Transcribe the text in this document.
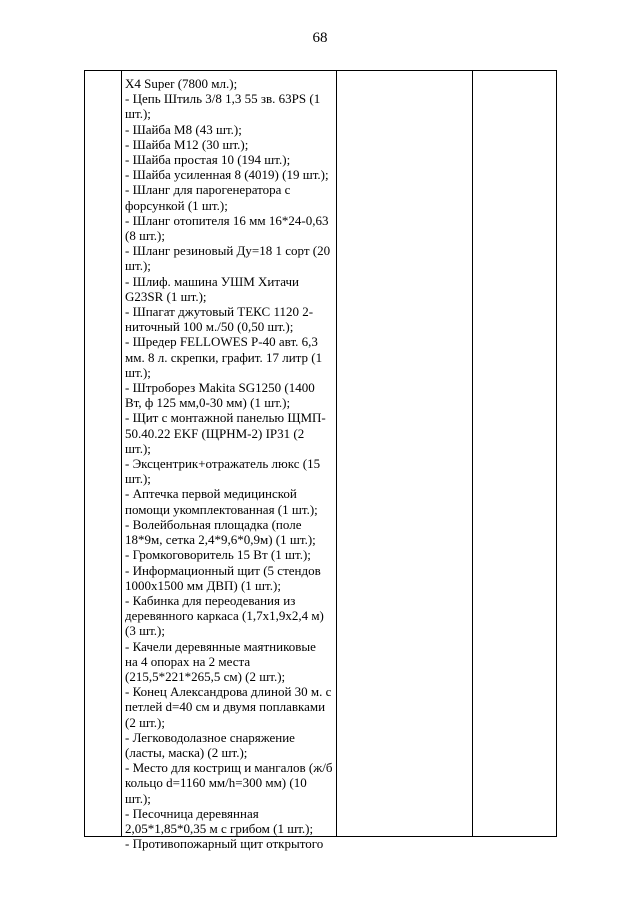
68
X4 Super (7800 мл.);
- Цепь Штиль 3/8 1,3 55 зв. 63PS (1
шт.);
- Шайба М8 (43 шт.);
- Шайба М12 (30 шт.);
- Шайба простая 10 (194 шт.);
- Шайба усиленная 8 (4019) (19 шт.);
- Шланг для парогенератора с
форсункой (1 шт.);
- Шланг отопителя 16 мм 16*24-0,63
(8 шт.);
- Шланг резиновый Ду=18 1 сорт (20
шт.);
- Шлиф. машина УШМ Хитачи
G23SR (1 шт.);
- Шпагат джутовый ТЕКС 1120 2-
ниточный 100 м./50 (0,50 шт.);
- Шредер FELLOWES P-40 авт. 6,3
мм. 8 л. скрепки, графит. 17 литр (1
шт.);
- Штроборез Makita SG1250 (1400
Вт, ф 125 мм,0-30 мм) (1 шт.);
- Щит с монтажной панелью ЩМП-
50.40.22 EKF (ЩРНМ-2) IP31 (2
шт.);
- Эксцентрик+отражатель люкс (15
шт.);
- Аптечка первой медицинской
помощи укомплектованная (1 шт.);
- Волейбольная площадка (поле
18*9м, сетка 2,4*9,6*0,9м) (1 шт.);
- Громкоговоритель 15 Вт (1 шт.);
- Информационный щит (5 стендов
1000х1500 мм ДВП) (1 шт.);
- Кабинка для переодевания из
деревянного каркаса (1,7х1,9х2,4 м)
(3 шт.);
- Качели деревянные маятниковые
на 4 опорах на 2 места
(215,5*221*265,5 см) (2 шт.);
- Конец Александрова длиной 30 м. с
петлей d=40 см и двумя поплавками
(2 шт.);
- Легководолазное снаряжение
(ласты, маска) (2 шт.);
- Место для кострищ и мангалов (ж/б
кольцо d=1160 мм/h=300 мм) (10
шт.);
- Песочница деревянная
2,05*1,85*0,35 м с грибом (1 шт.);
- Противопожарный щит открытого
